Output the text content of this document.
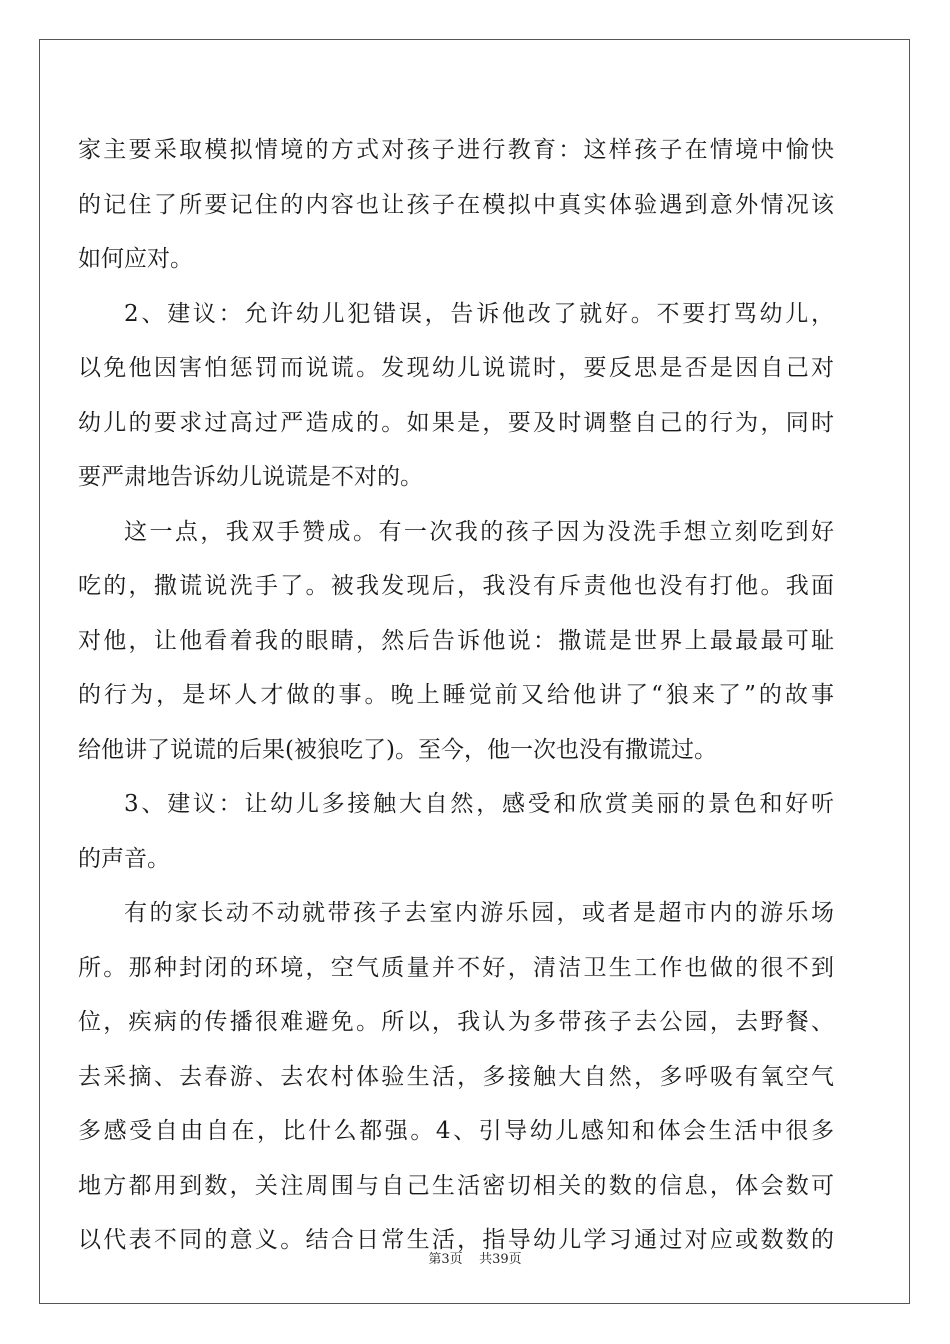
家主要采取模拟情境的方式对孩子进行教育：这样孩子在情境中愉快
的记住了所要记住的内容也让孩子在模拟中真实体验遇到意外情况该
如何应对。
2、建议：允许幼儿犯错误，告诉他改了就好。不要打骂幼儿，
以免他因害怕惩罚而说谎。发现幼儿说谎时，要反思是否是因自己对
幼儿的要求过高过严造成的。如果是，要及时调整自己的行为，同时
要严肃地告诉幼儿说谎是不对的。
这一点，我双手赞成。有一次我的孩子因为没洗手想立刻吃到好
吃的，撒谎说洗手了。被我发现后，我没有斥责他也没有打他。我面
对他，让他看着我的眼睛，然后告诉他说：撒谎是世界上最最最可耻
的行为，是坏人才做的事。晚上睡觉前又给他讲了“狼来了”的故事
给他讲了说谎的后果(被狼吃了)。至今，他一次也没有撒谎过。
3、建议：让幼儿多接触大自然，感受和欣赏美丽的景色和好听
的声音。
有的家长动不动就带孩子去室内游乐园，或者是超市内的游乐场
所。那种封闭的环境，空气质量并不好，清洁卫生工作也做的很不到
位，疾病的传播很难避免。所以，我认为多带孩子去公园，去野餐、
去采摘、去春游、去农村体验生活，多接触大自然，多呼吸有氧空气
多感受自由自在，比什么都强。4、引导幼儿感知和体会生活中很多
地方都用到数，关注周围与自己生活密切相关的数的信息，体会数可
以代表不同的意义。结合日常生活，指导幼儿学习通过对应或数数的
第3页 共39页
